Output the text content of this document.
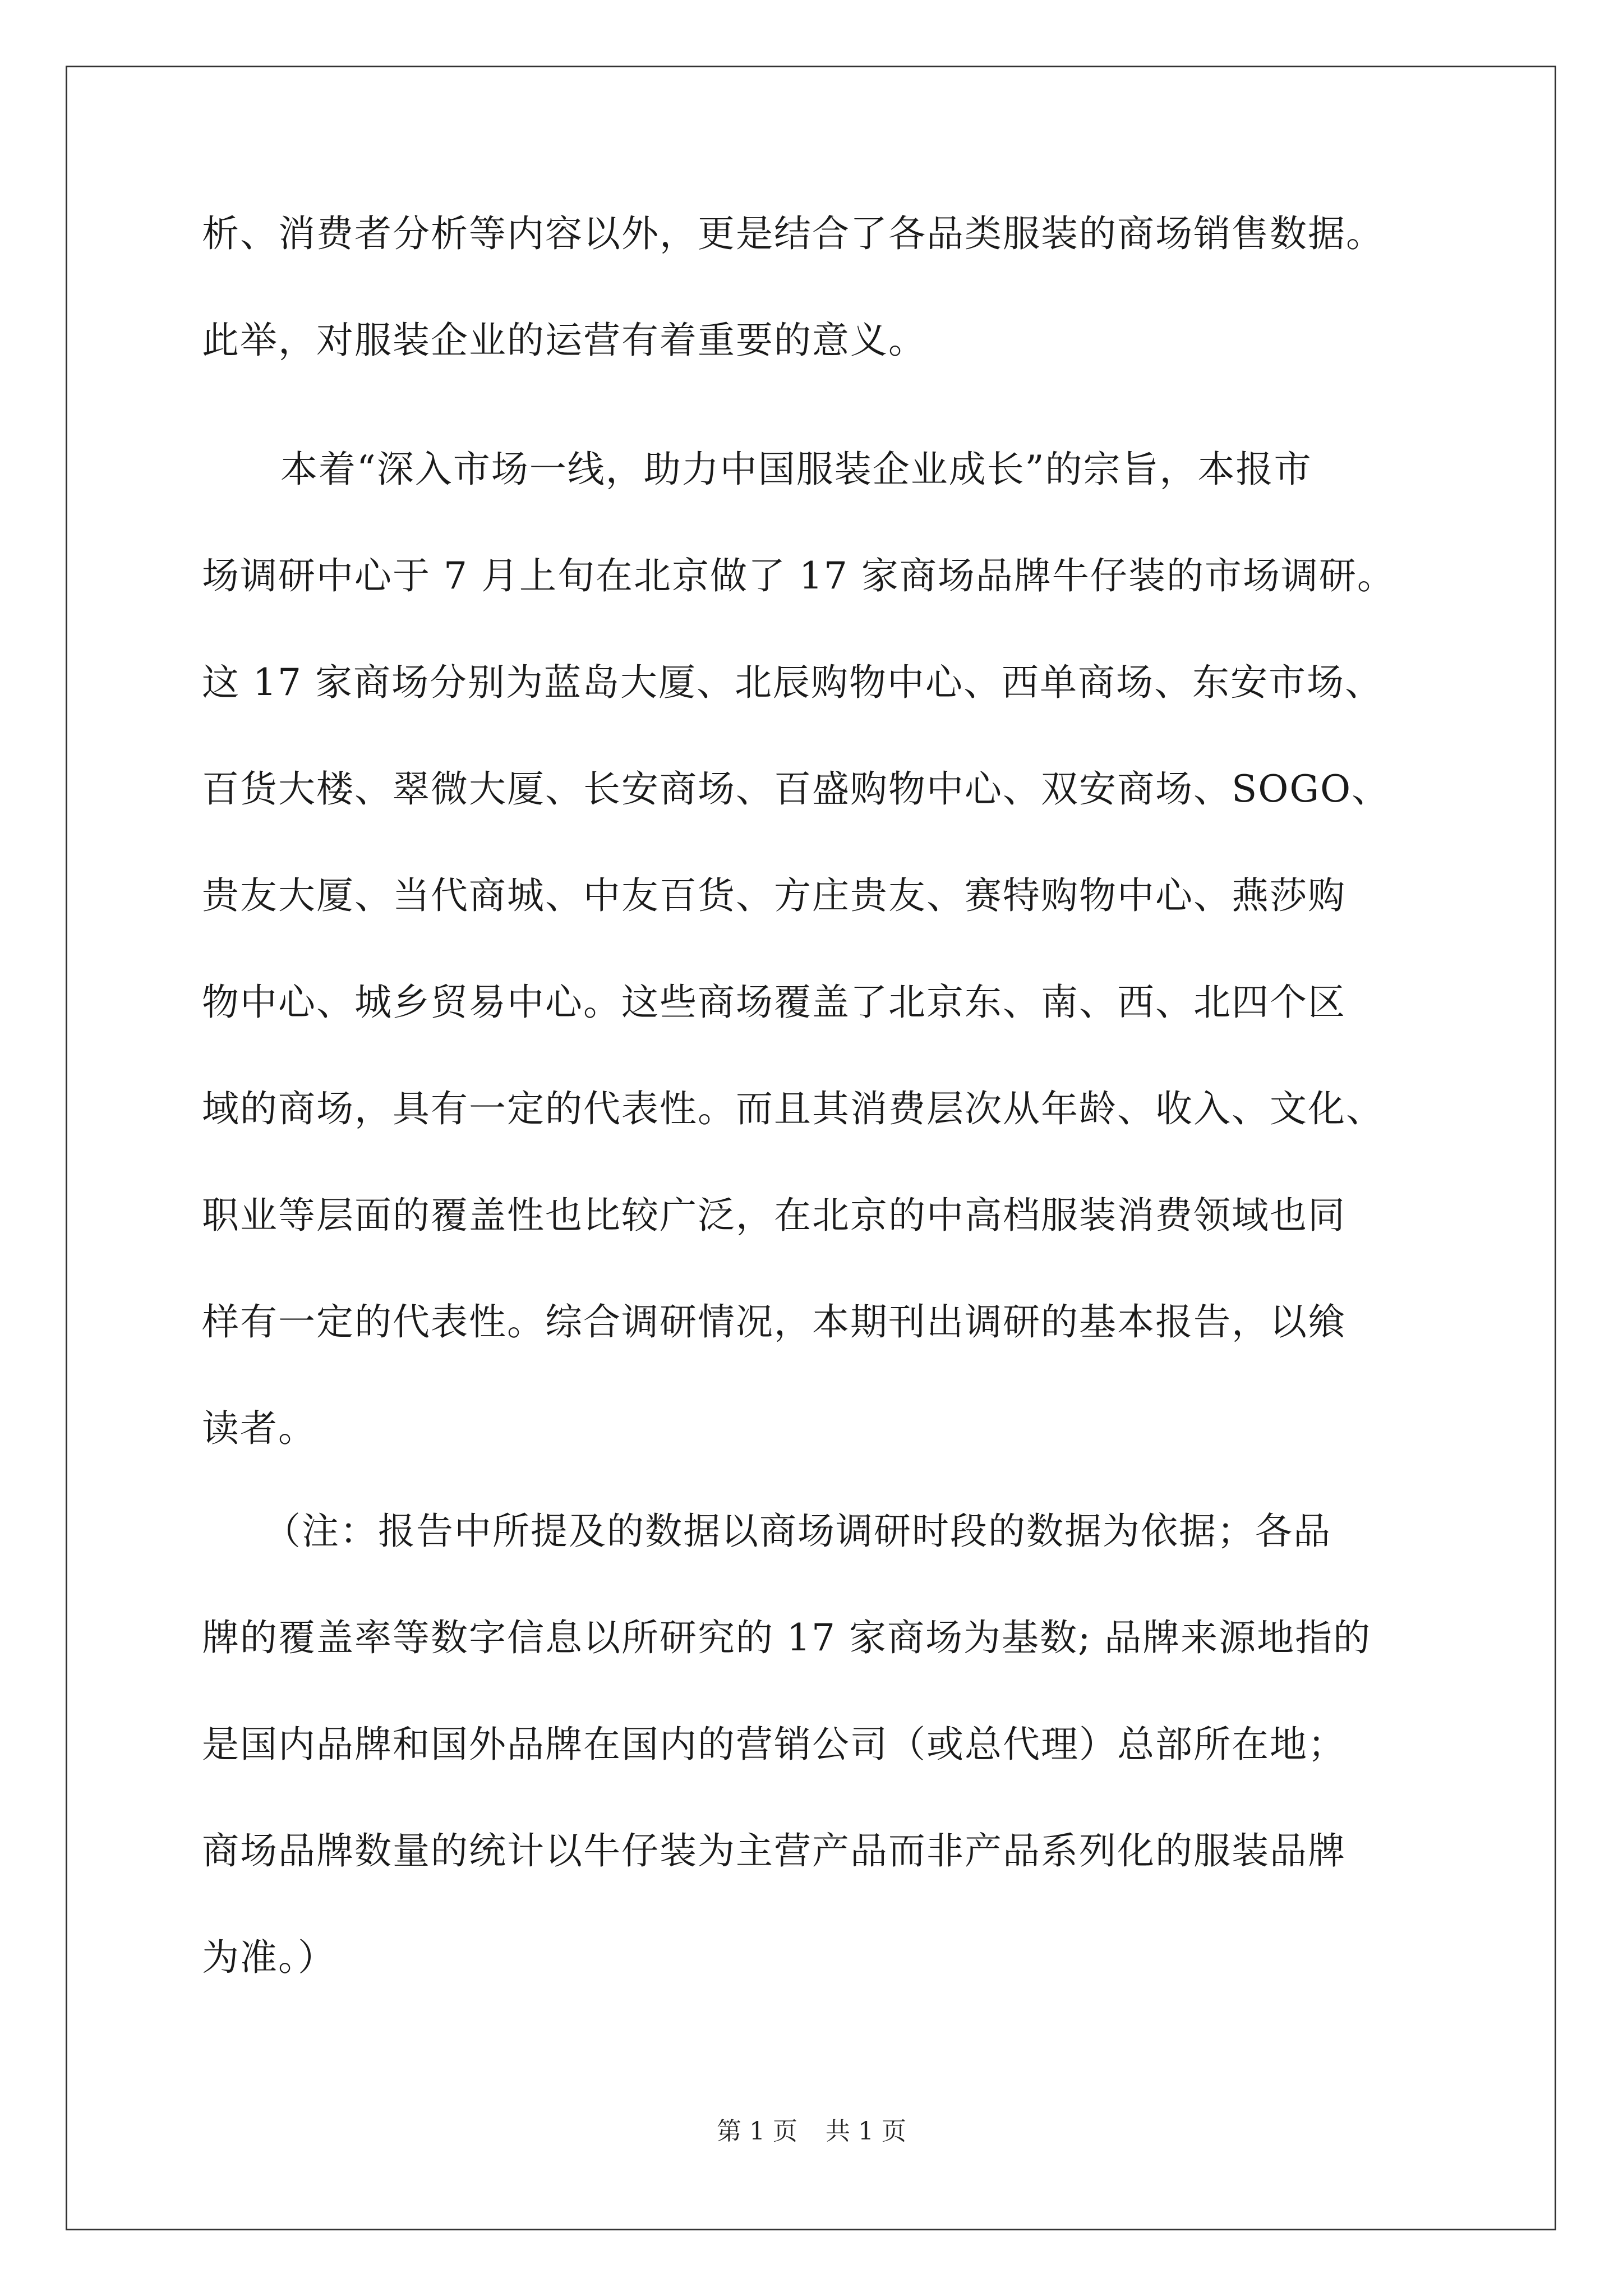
析、消费者分析等内容以外，更是结合了各品类服装的商场销售数据。
此举，对服装企业的运营有着重要的意义。
本着“深入市场一线，助力中国服装企业成长”的宗旨，本报市
场调研中心于 7 月上旬在北京做了 17 家商场品牌牛仔装的市场调研。
这 17 家商场分别为蓝岛大厦、北辰购物中心、西单商场、东安市场、
百货大楼、翠微大厦、长安商场、百盛购物中心、双安商场、SOGO、
贵友大厦、当代商城、中友百货、方庄贵友、赛特购物中心、燕莎购
物中心、城乡贸易中心。这些商场覆盖了北京东、南、西、北四个区
域的商场，具有一定的代表性。而且其消费层次从年龄、收入、文化、
职业等层面的覆盖性也比较广泛，在北京的中高档服装消费领域也同
样有一定的代表性。综合调研情况，本期刊出调研的基本报告，以飨
读者。
（注：报告中所提及的数据以商场调研时段的数据为依据；各品
牌的覆盖率等数字信息以所研究的 17 家商场为基数; 品牌来源地指的
是国内品牌和国外品牌在国内的营销公司（或总代理）总部所在地；
商场品牌数量的统计以牛仔装为主营产品而非产品系列化的服装品牌
为准。）
第 1 页 共 1 页
